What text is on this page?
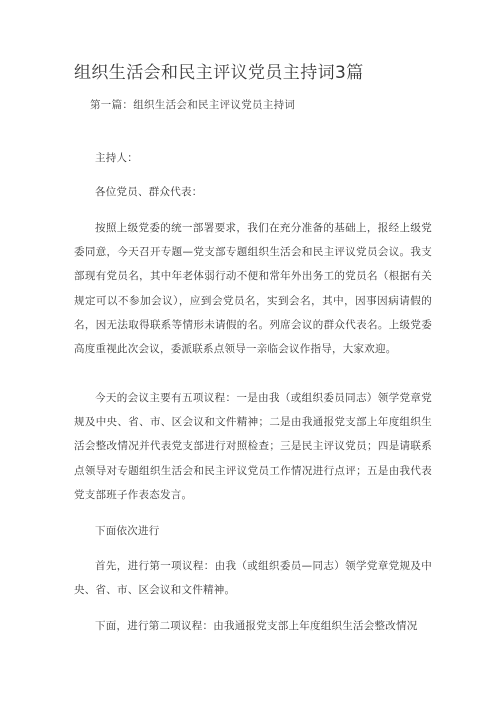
组织生活会和民主评议党员主持词3篇

第一篇：组织生活会和民主评议党员主持词

主持人：

各位党员、群众代表：

按照上级党委的统一部署要求，我们在充分准备的基础上，报经上级党委同意，今天召开专题—党支部专题组织生活会和民主评议党员会议。我支部现有党员名，其中年老体弱行动不便和常年外出务工的党员名（根据有关规定可以不参加会议），应到会党员名，实到会名，其中，因事因病请假的名，因无法取得联系等情形未请假的名。列席会议的群众代表名。上级党委高度重视此次会议，委派联系点领导一亲临会议作指导，大家欢迎。

今天的会议主要有五项议程：一是由我（或组织委员同志）领学党章党规及中央、省、市、区会议和文件精神；二是由我通报党支部上年度组织生活会整改情况并代表党支部进行对照检查；三是民主评议党员；四是请联系点领导对专题组织生活会和民主评议党员工作情况进行点评；五是由我代表党支部班子作表态发言。

下面依次进行

首先，进行第一项议程：由我（或组织委员—同志）领学党章党规及中央、省、市、区会议和文件精神。

下面，进行第二项议程：由我通报党支部上年度组织生活会整改情况
